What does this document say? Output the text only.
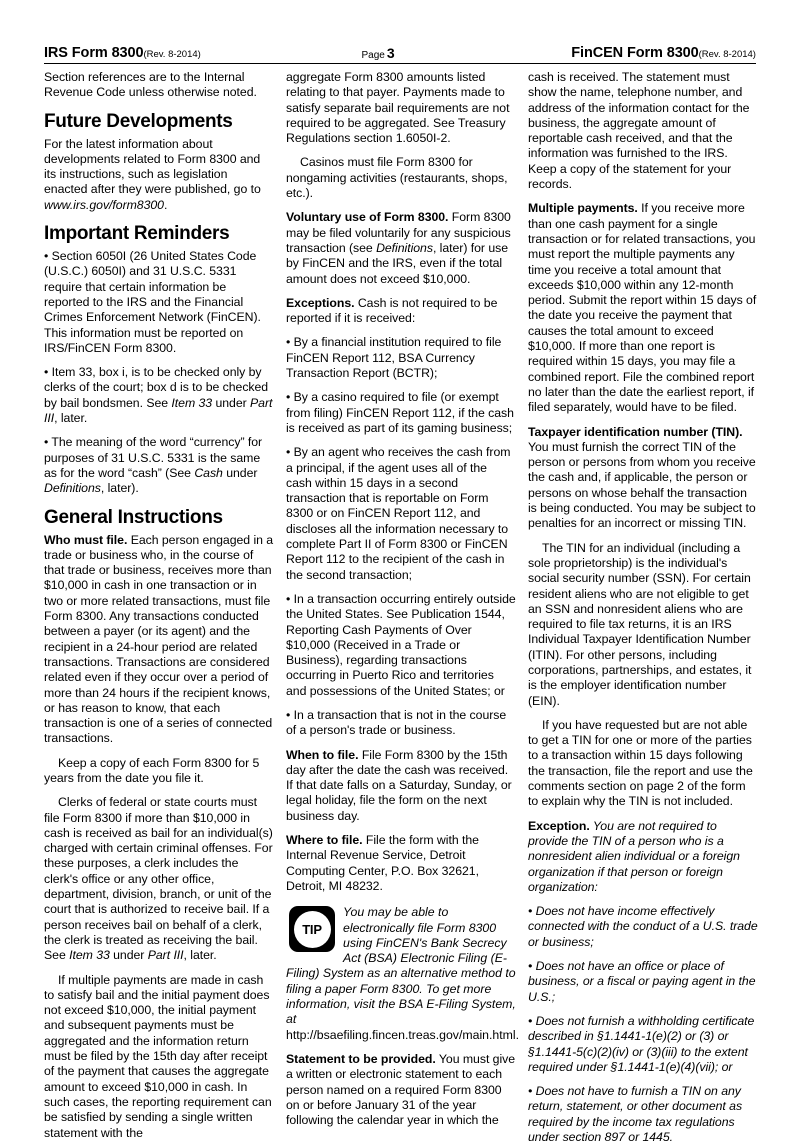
IRS Form 8300(Rev. 8-2014)	Page 3	FinCEN Form 8300(Rev. 8-2014)

Section references are to the Internal Revenue Code unless otherwise noted.

Future Developments

For the latest information about developments related to Form 8300 and its instructions, such as legislation enacted after they were published, go to www.irs.gov/form8300.

Important Reminders

• Section 6050I (26 United States Code (U.S.C.) 6050I) and 31 U.S.C. 5331 require that certain information be reported to the IRS and the Financial Crimes Enforcement Network (FinCEN). This information must be reported on IRS/FinCEN Form 8300.

• Item 33, box i, is to be checked only by clerks of the court; box d is to be checked by bail bondsmen. See Item 33 under Part III, later.

• The meaning of the word “currency” for purposes of 31 U.S.C. 5331 is the same as for the word “cash” (See Cash under Definitions, later).

General Instructions

Who must file. Each person engaged in a trade or business who, in the course of that trade or business, receives more than $10,000 in cash in one transaction or in two or more related transactions, must file Form 8300. Any transactions conducted between a payer (or its agent) and the recipient in a 24-hour period are related transactions. Transactions are considered related even if they occur over a period of more than 24 hours if the recipient knows, or has reason to know, that each transaction is one of a series of connected transactions.

Keep a copy of each Form 8300 for 5 years from the date you file it.

Clerks of federal or state courts must file Form 8300 if more than $10,000 in cash is received as bail for an individual(s) charged with certain criminal offenses. For these purposes, a clerk includes the clerk's office or any other office, department, division, branch, or unit of the court that is authorized to receive bail. If a person receives bail on behalf of a clerk, the clerk is treated as receiving the bail. See Item 33 under Part III, later.

If multiple payments are made in cash to satisfy bail and the initial payment does not exceed $10,000, the initial payment and subsequent payments must be aggregated and the information return must be filed by the 15th day after receipt of the payment that causes the aggregate amount to exceed $10,000 in cash. In such cases, the reporting requirement can be satisfied by sending a single written statement with the

aggregate Form 8300 amounts listed relating to that payer. Payments made to satisfy separate bail requirements are not required to be aggregated. See Treasury Regulations section 1.6050I-2.

Casinos must file Form 8300 for nongaming activities (restaurants, shops, etc.).

Voluntary use of Form 8300. Form 8300 may be filed voluntarily for any suspicious transaction (see Definitions, later) for use by FinCEN and the IRS, even if the total amount does not exceed $10,000.

Exceptions. Cash is not required to be reported if it is received:

• By a financial institution required to file FinCEN Report 112, BSA Currency Transaction Report (BCTR);

• By a casino required to file (or exempt from filing) FinCEN Report 112, if the cash is received as part of its gaming business;

• By an agent who receives the cash from a principal, if the agent uses all of the cash within 15 days in a second transaction that is reportable on Form 8300 or on FinCEN Report 112, and discloses all the information necessary to complete Part II of Form 8300 or FinCEN Report 112 to the recipient of the cash in the second transaction;

• In a transaction occurring entirely outside the United States. See Publication 1544, Reporting Cash Payments of Over $10,000 (Received in a Trade or Business), regarding transactions occurring in Puerto Rico and territories and possessions of the United States; or

• In a transaction that is not in the course of a person's trade or business.

When to file. File Form 8300 by the 15th day after the date the cash was received. If that date falls on a Saturday, Sunday, or legal holiday, file the form on the next business day.

Where to file. File the form with the Internal Revenue Service, Detroit Computing Center, P.O. Box 32621, Detroit, MI 48232.

TIP
You may be able to electronically file Form 8300 using FinCEN's Bank Secrecy Act (BSA) Electronic Filing (E-Filing) System as an alternative method to filing a paper Form 8300. To get more information, visit the BSA E-Filing System, at http://bsaefiling.fincen.treas.gov/main.html.

Statement to be provided. You must give a written or electronic statement to each person named on a required Form 8300 on or before January 31 of the year following the calendar year in which the

cash is received. The statement must show the name, telephone number, and address of the information contact for the business, the aggregate amount of reportable cash received, and that the information was furnished to the IRS. Keep a copy of the statement for your records.

Multiple payments. If you receive more than one cash payment for a single transaction or for related transactions, you must report the multiple payments any time you receive a total amount that exceeds $10,000 within any 12-month period. Submit the report within 15 days of the date you receive the payment that causes the total amount to exceed $10,000. If more than one report is required within 15 days, you may file a combined report. File the combined report no later than the date the earliest report, if filed separately, would have to be filed.

Taxpayer identification number (TIN). You must furnish the correct TIN of the person or persons from whom you receive the cash and, if applicable, the person or persons on whose behalf the transaction is being conducted. You may be subject to penalties for an incorrect or missing TIN.

The TIN for an individual (including a sole proprietorship) is the individual's social security number (SSN). For certain resident aliens who are not eligible to get an SSN and nonresident aliens who are required to file tax returns, it is an IRS Individual Taxpayer Identification Number (ITIN). For other persons, including corporations, partnerships, and estates, it is the employer identification number (EIN).

If you have requested but are not able to get a TIN for one or more of the parties to a transaction within 15 days following the transaction, file the report and use the comments section on page 2 of the form to explain why the TIN is not included.

Exception. You are not required to provide the TIN of a person who is a nonresident alien individual or a foreign organization if that person or foreign organization:

• Does not have income effectively connected with the conduct of a U.S. trade or business;

• Does not have an office or place of business, or a fiscal or paying agent in the U.S.;

• Does not furnish a withholding certificate described in §1.1441-1(e)(2) or (3) or §1.1441-5(c)(2)(iv) or (3)(iii) to the extent required under §1.1441-1(e)(4)(vii); or

• Does not have to furnish a TIN on any return, statement, or other document as required by the income tax regulations under section 897 or 1445.
